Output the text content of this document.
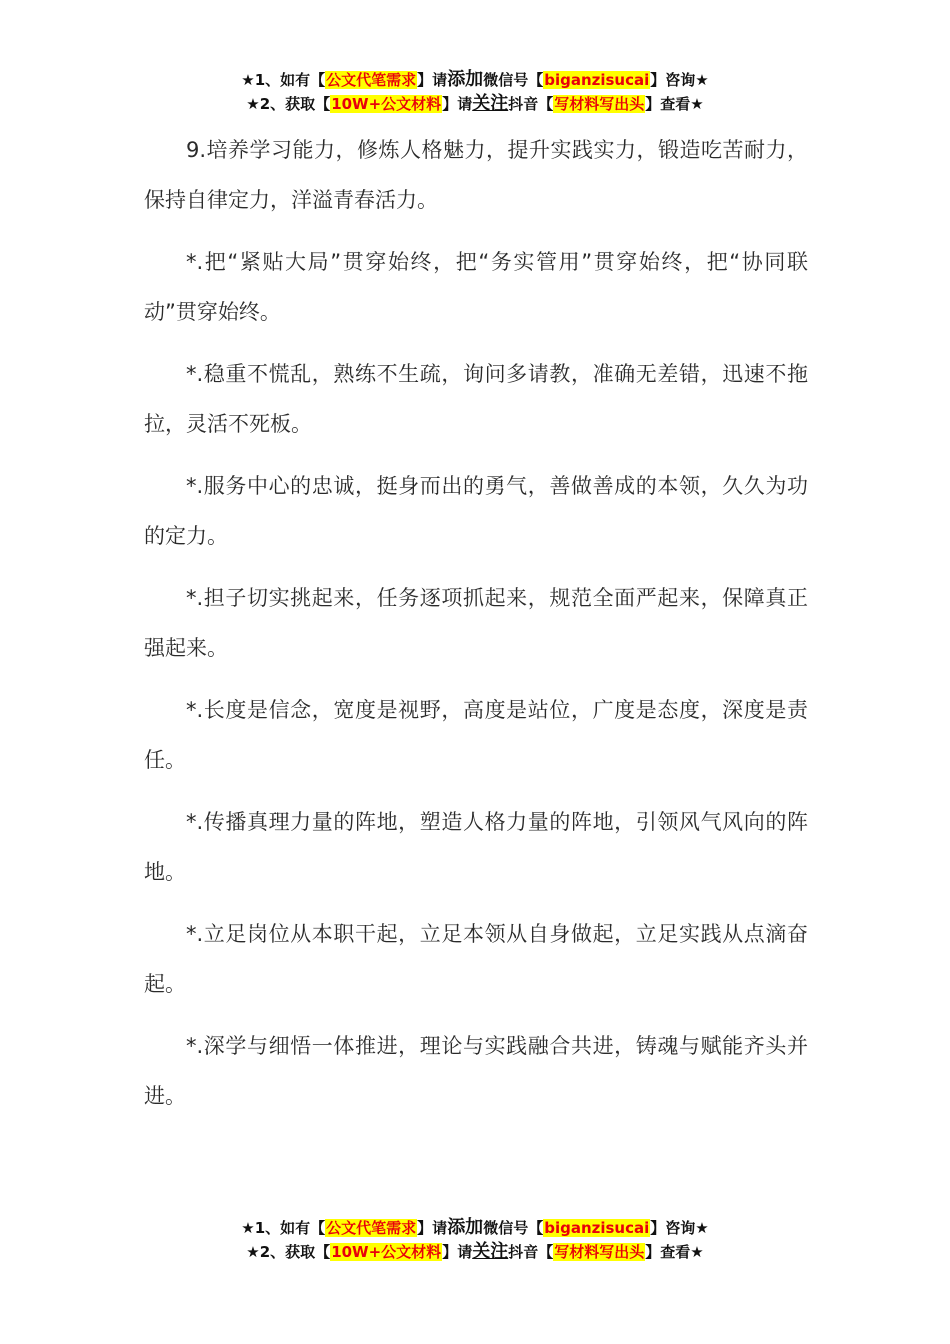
★1、如有【公文代笔需求】请添加微信号【biganzisucai】咨询★
★2、获取【10W+公文材料】请关注抖音【写材料写出头】查看★

9.培养学习能力，修炼人格魅力，提升实践实力，锻造吃苦耐力，保持自律定力，洋溢青春活力。

*.把“紧贴大局”贯穿始终，把“务实管用”贯穿始终，把“协同联动”贯穿始终。

*.稳重不慌乱，熟练不生疏，询问多请教，准确无差错，迅速不拖拉，灵活不死板。

*.服务中心的忠诚，挺身而出的勇气，善做善成的本领，久久为功的定力。

*.担子切实挑起来，任务逐项抓起来，规范全面严起来，保障真正强起来。

*.长度是信念，宽度是视野，高度是站位，广度是态度，深度是责任。

*.传播真理力量的阵地，塑造人格力量的阵地，引领风气风向的阵地。

*.立足岗位从本职干起，立足本领从自身做起，立足实践从点滴奋起。

*.深学与细悟一体推进，理论与实践融合共进，铸魂与赋能齐头并进。

★1、如有【公文代笔需求】请添加微信号【biganzisucai】咨询★
★2、获取【10W+公文材料】请关注抖音【写材料写出头】查看★
